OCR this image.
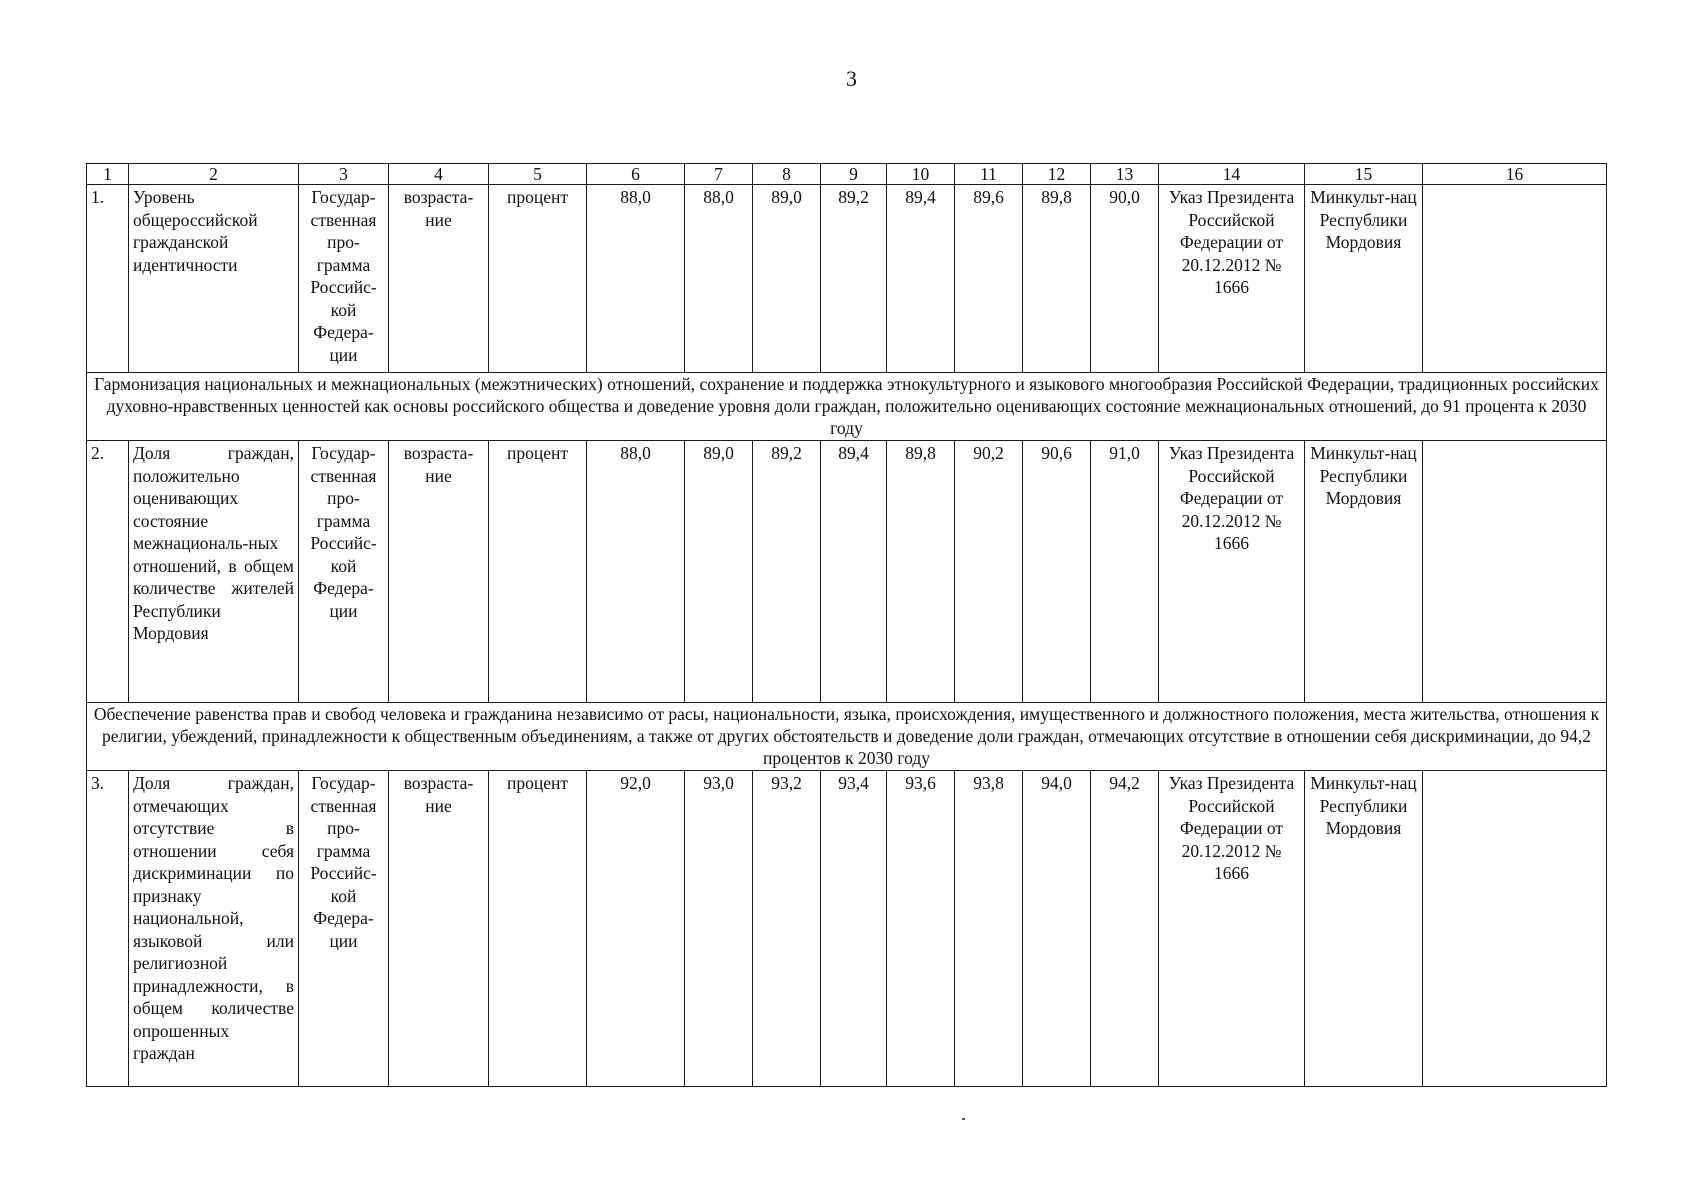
3
1	2	3	4	5	6	7	8	9	10	11	12	13	14	15	16
1.	Уровень общероссийской гражданской идентичности	Государ-ственная про-грамма Российс-кой Федера-ции	возраста-ние	процент	88,0	88,0	89,0	89,2	89,4	89,6	89,8	90,0	Указ Президента Российской Федерации от 20.12.2012 № 1666	Минкульт-нац Республики Мордовия	
Гармонизация национальных и межнациональных (межэтнических) отношений, сохранение и поддержка этнокультурного и языкового многообразия Российской Федерации, традиционных российских духовно-нравственных ценностей как основы российского общества и доведение уровня доли граждан, положительно оценивающих состояние межнациональных отношений, до 91 процента к 2030 году															
2.	Доля граждан, положительно оценивающих состояние межнациональ-ных отношений, в общем количестве жителей Республики Мордовия	Государ-ственная про-грамма Российс-кой Федера-ции	возраста-ние	процент	88,0	89,0	89,2	89,4	89,8	90,2	90,6	91,0	Указ Президента Российской Федерации от 20.12.2012 № 1666	Минкульт-нац Республики Мордовия	
Обеспечение равенства прав и свобод человека и гражданина независимо от расы, национальности, языка, происхождения, имущественного и должностного положения, места жительства, отношения к религии, убеждений, принадлежности к общественным объединениям, а также от других обстоятельств и доведение доли граждан, отмечающих отсутствие в отношении себя дискриминации, до 94,2 процентов к 2030 году															
3.	Доля граждан, отмечающих отсутствие в отношении себя дискриминации по признаку национальной, языковой или религиозной принадлежности, в общем количестве опрошенных граждан	Государ-ственная про-грамма Российс-кой Федера-ции	возраста-ние	процент	92,0	93,0	93,2	93,4	93,6	93,8	94,0	94,2	Указ Президента Российской Федерации от 20.12.2012 № 1666	Минкульт-нац Республики Мордовия	
